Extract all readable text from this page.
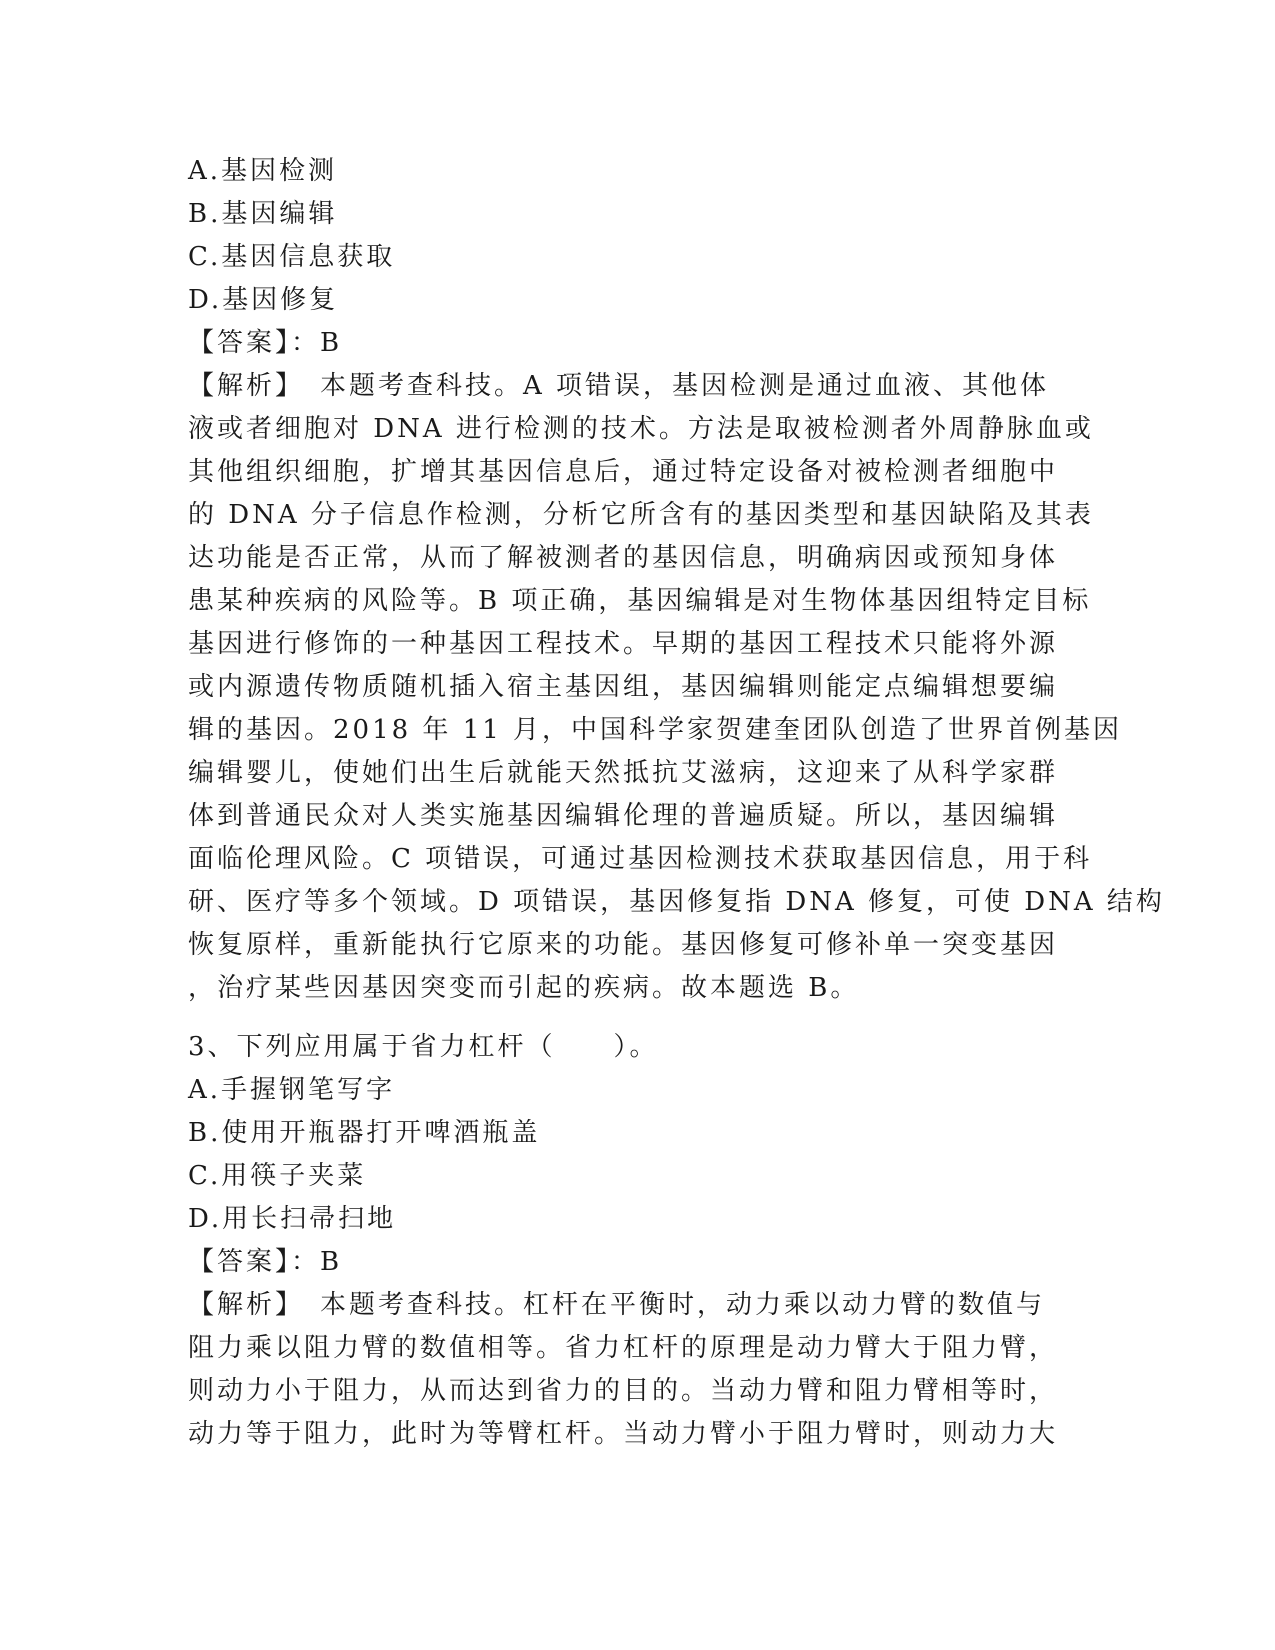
A.基因检测
B.基因编辑
C.基因信息获取
D.基因修复
【答案】：B
【解析】　本题考查科技。A 项错误，基因检测是通过血液、其他体
液或者细胞对 DNA 进行检测的技术。方法是取被检测者外周静脉血或
其他组织细胞，扩增其基因信息后，通过特定设备对被检测者细胞中
的 DNA 分子信息作检测，分析它所含有的基因类型和基因缺陷及其表
达功能是否正常，从而了解被测者的基因信息，明确病因或预知身体
患某种疾病的风险等。B 项正确，基因编辑是对生物体基因组特定目标
基因进行修饰的一种基因工程技术。早期的基因工程技术只能将外源
或内源遗传物质随机插入宿主基因组，基因编辑则能定点编辑想要编
辑的基因。2018 年 11 月，中国科学家贺建奎团队创造了世界首例基因
编辑婴儿，使她们出生后就能天然抵抗艾滋病，这迎来了从科学家群
体到普通民众对人类实施基因编辑伦理的普遍质疑。所以，基因编辑
面临伦理风险。C 项错误，可通过基因检测技术获取基因信息，用于科
研、医疗等多个领域。D 项错误，基因修复指 DNA 修复，可使 DNA 结构
恢复原样，重新能执行它原来的功能。基因修复可修补单一突变基因
，治疗某些因基因突变而引起的疾病。故本题选 B。
3、下列应用属于省力杠杆（　　）。
A.手握钢笔写字
B.使用开瓶器打开啤酒瓶盖
C.用筷子夹菜
D.用长扫帚扫地
【答案】：B
【解析】　本题考查科技。杠杆在平衡时，动力乘以动力臂的数值与
阻力乘以阻力臂的数值相等。省力杠杆的原理是动力臂大于阻力臂，
则动力小于阻力，从而达到省力的目的。当动力臂和阻力臂相等时，
动力等于阻力，此时为等臂杠杆。当动力臂小于阻力臂时，则动力大
